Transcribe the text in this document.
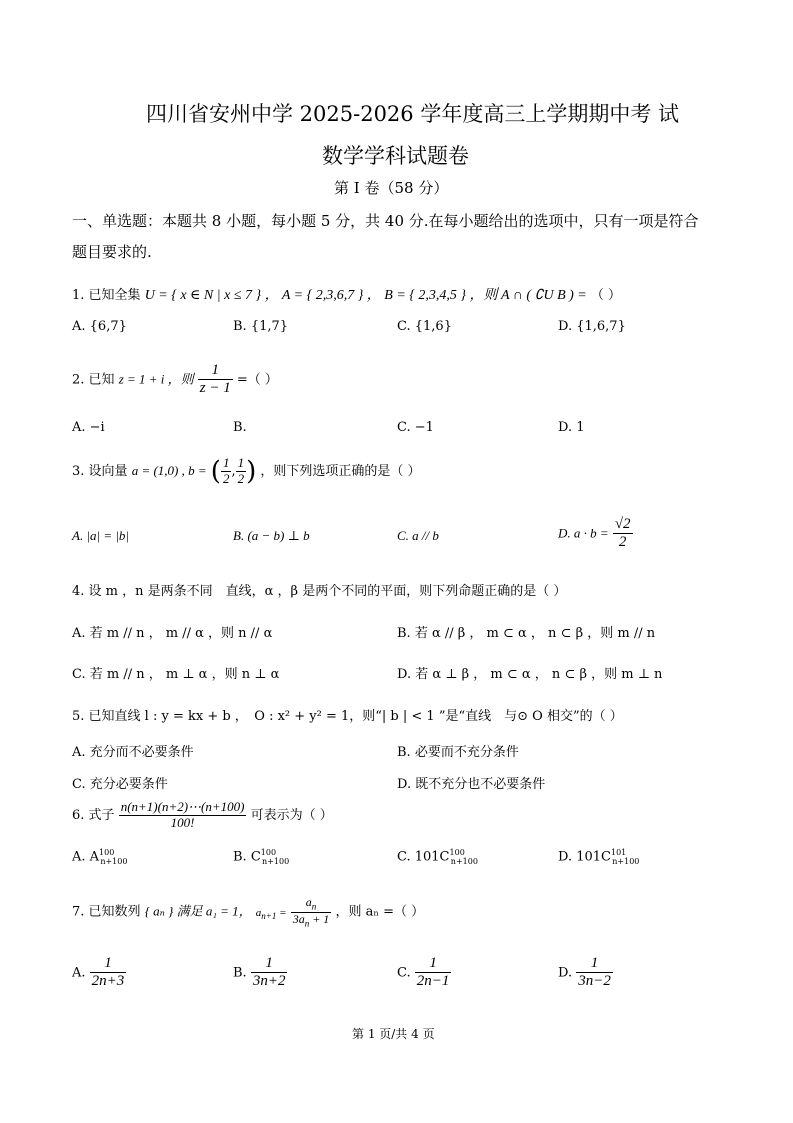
四川省安州中学 2025-2026 学年度高三上学期期中考 试
数学学科试题卷
第 I 卷（58 分）
一、单选题：本题共 8 小题，每小题 5 分，共 40 分.在每小题给出的选项中，只有一项是符合
题目要求的.
1. 已知全集 U = { x ∈ N | x ≤ 7 } ， A = { 2,3,6,7 } ， B = { 2,3,4,5 } ，则 A ∩ ( ∁U B ) = （ ）
A. {6,7}	B. {1,7}	C. {1,6}	D. {1,6,7}
2. 已知 z = 1 + i ，则 $\frac{1}{z - 1}$ =（ ）
A. −i	B.	C. −1	D. 1
3. 设向量 a = (1,0) , b = ( $\frac{1}{2}$ , $\frac{1}{2}$ ) ，则下列选项正确的是（ ）
A. |a| = |b|	B. (a − b) ⊥ b	C. a // b	D. $a \cdot b = \frac{√2}{2}$
4. 设 m ，n 是两条不同　直线，α ，β 是两个不同的平面，则下列命题正确的是（ ）
A. 若 m // n ， m // α ，则 n // α	B. 若 α // β ， m ⊂ α ， n ⊂ β ，则 m // n
C. 若 m // n ， m ⊥ α ，则 n ⊥ α	D. 若 α ⊥ β ， m ⊂ α ， n ⊂ β ，则 m ⊥ n
5. 已知直线 l : y = kx + b ，　O : x² + y² = 1，则“| b | < 1 ”是“直线　与⊙ O 相交”的（ ）
A. 充分而不必要条件	B. 必要而不充分条件
C. 充分必要条件	D. 既不充分也不必要条件
6. 式子 $\frac{n(n+1)(n+2)\cdots(n+100)}{100!}$ 可表示为（ ）
A. $A^{100}_{n+100}$	B. $C^{100}_{n+100}$	C. $101C^{100}_{n+100}$	D. $101C^{101}_{n+100}$
7. 已知数列 { aₙ } 满足 a₁ = 1， $a_{n+1} = \frac{a_n}{3a_n + 1}$ ，则 aₙ =（ ）
A. $\frac{1}{2n+3}$	B. $\frac{1}{3n+2}$	C. $\frac{1}{2n-1}$	D. $\frac{1}{3n-2}$
第 1 页/共 4 页
